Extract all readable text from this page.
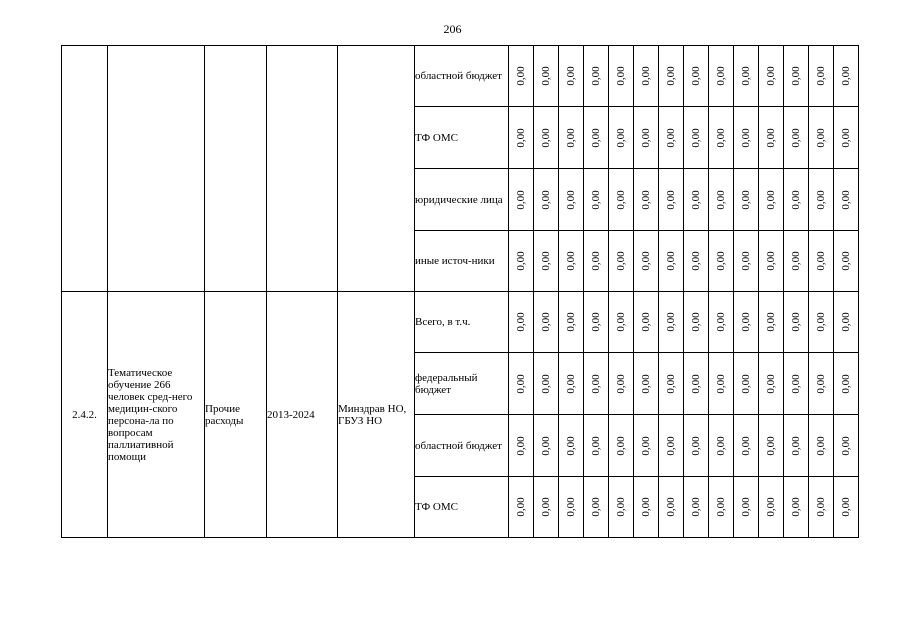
206
					областной бюджет	0,00	0,00	0,00	0,00	0,00	0,00	0,00	0,00	0,00	0,00	0,00	0,00	0,00	0,00

					ТФ ОМС	0,00	0,00	0,00	0,00	0,00	0,00	0,00	0,00	0,00	0,00	0,00	0,00	0,00	0,00

					юридические лица	0,00	0,00	0,00	0,00	0,00	0,00	0,00	0,00	0,00	0,00	0,00	0,00	0,00	0,00

					иные источ-ники	0,00	0,00	0,00	0,00	0,00	0,00	0,00	0,00	0,00	0,00	0,00	0,00	0,00	0,00

2.4.2.	Тематическое обучение 266 человек сред-него медицин-ского персона-ла по вопросам паллиативной помощи	Прочие расходы	2013-2024	Минздрав НО, ГБУЗ НО	Всего, в т.ч.	0,00	0,00	0,00	0,00	0,00	0,00	0,00	0,00	0,00	0,00	0,00	0,00	0,00	0,00

					федеральный бюджет	0,00	0,00	0,00	0,00	0,00	0,00	0,00	0,00	0,00	0,00	0,00	0,00	0,00	0,00

					областной бюджет	0,00	0,00	0,00	0,00	0,00	0,00	0,00	0,00	0,00	0,00	0,00	0,00	0,00	0,00

					ТФ ОМС	0,00	0,00	0,00	0,00	0,00	0,00	0,00	0,00	0,00	0,00	0,00	0,00	0,00	0,00
